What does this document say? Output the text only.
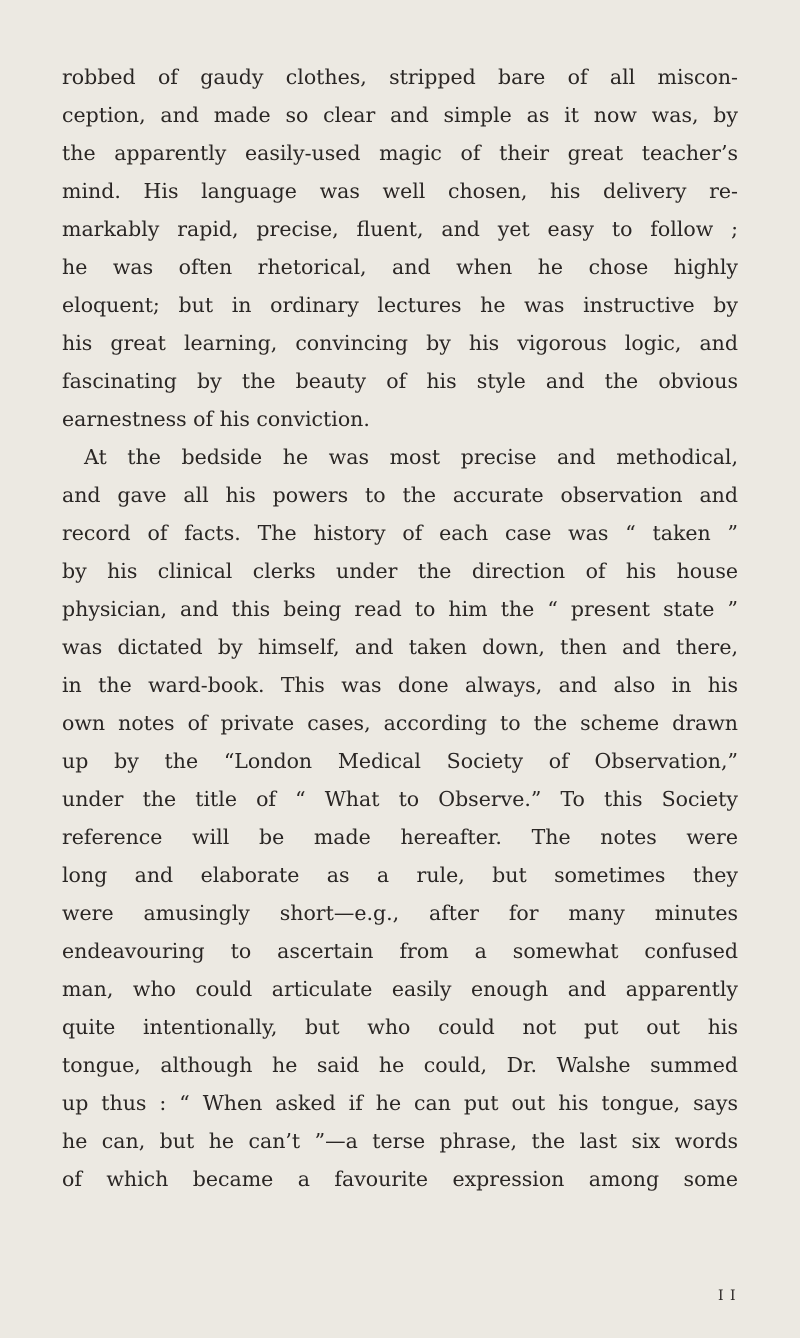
robbed of gaudy clothes, stripped bare of all miscon-
ception, and made so clear and simple as it now was, by
the apparently easily-used magic of their great teacher’s
mind. His language was well chosen, his delivery re-
markably rapid, precise, fluent, and yet easy to follow ;
he was often rhetorical, and when he chose highly
eloquent; but in ordinary lectures he was instructive by
his great learning, convincing by his vigorous logic, and
fascinating by the beauty of his style and the obvious
earnestness of his conviction.
At the bedside he was most precise and methodical,
and gave all his powers to the accurate observation and
record of facts. The history of each case was “ taken ”
by his clinical clerks under the direction of his house
physician, and this being read to him the “ present state ”
was dictated by himself, and taken down, then and there,
in the ward-book. This was done always, and also in his
own notes of private cases, according to the scheme drawn
up by the “London Medical Society of Observation,”
under the title of “ What to Observe.” To this Society
reference will be made hereafter. The notes were
long and elaborate as a rule, but sometimes they
were amusingly short—e.g., after for many minutes
endeavouring to ascertain from a somewhat confused
man, who could articulate easily enough and apparently
quite intentionally, but who could not put out his
tongue, although he said he could, Dr. Walshe summed
up thus : “ When asked if he can put out his tongue, says
he can, but he can’t ”—a terse phrase, the last six words
of which became a favourite expression among some
I I
